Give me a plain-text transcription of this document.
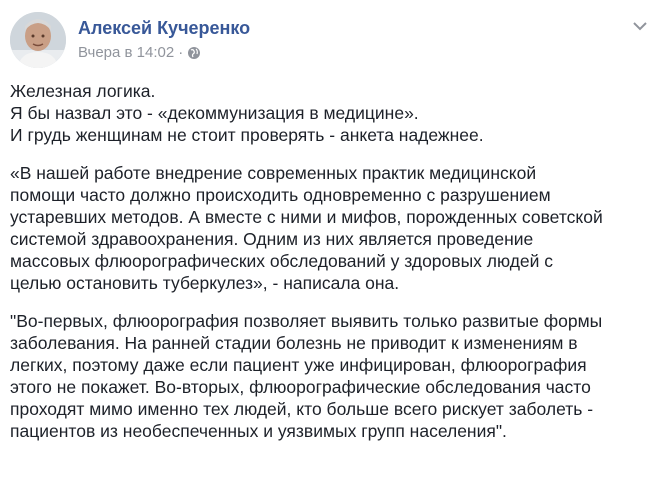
Алексей Кучеренко
Вчера в 14:02 ·
Железная логика.
Я бы назвал это - «декоммунизация в медицине».
И грудь женщинам не стоит проверять - анкета надежнее.
«В нашей работе внедрение современных практик медицинской
помощи часто должно происходить одновременно с разрушением
устаревших методов. А вместе с ними и мифов, порожденных советской
системой здравоохранения. Одним из них является проведение
массовых флюорографических обследований у здоровых людей с
целью остановить туберкулез», - написала она.
"Во-первых, флюорография позволяет выявить только развитые формы
заболевания. На ранней стадии болезнь не приводит к изменениям в
легких, поэтому даже если пациент уже инфицирован, флюорография
этого не покажет. Во-вторых, флюорографические обследования часто
проходят мимо именно тех людей, кто больше всего рискует заболеть -
пациентов из необеспеченных и уязвимых групп населения".
